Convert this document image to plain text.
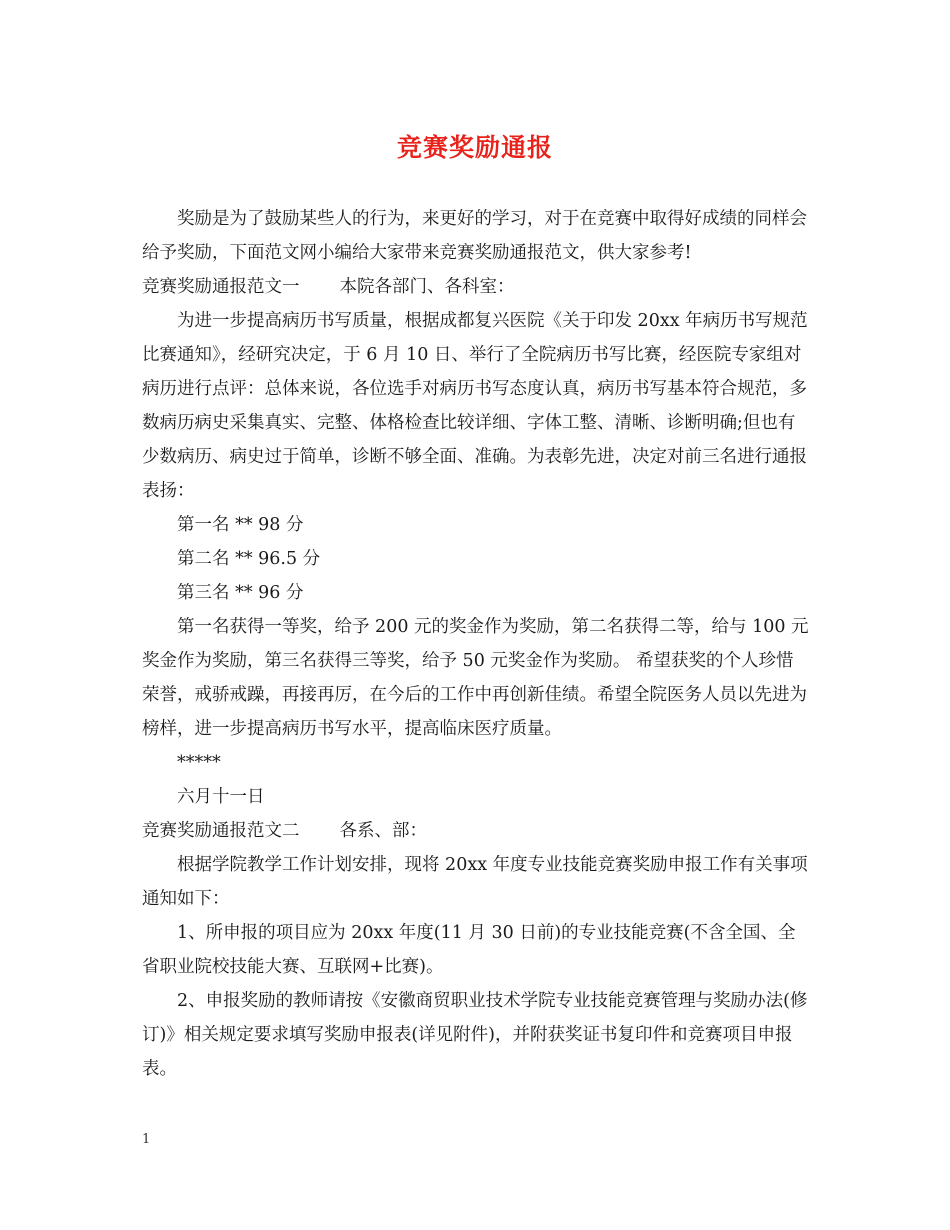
竞赛奖励通报

奖励是为了鼓励某些人的行为，来更好的学习，对于在竞赛中取得好成绩的同样会给予奖励，下面范文网小编给大家带来竞赛奖励通报范文，供大家参考!

竞赛奖励通报范文一 本院各部门、各科室：

为进一步提高病历书写质量，根据成都复兴医院《关于印发 20xx 年病历书写规范比赛通知》，经研究决定，于 6 月 10 日、举行了全院病历书写比赛，经医院专家组对病历进行点评：总体来说，各位选手对病历书写态度认真，病历书写基本符合规范，多数病历病史采集真实、完整、体格检查比较详细、字体工整、清晰、诊断明确;但也有少数病历、病史过于简单，诊断不够全面、准确。为表彰先进，决定对前三名进行通报表扬：

第一名 ** 98 分

第二名 ** 96.5 分

第三名 ** 96 分

第一名获得一等奖，给予 200 元的奖金作为奖励，第二名获得二等，给与 100 元奖金作为奖励，第三名获得三等奖，给予 50 元奖金作为奖励。 希望获奖的个人珍惜荣誉，戒骄戒躁，再接再厉，在今后的工作中再创新佳绩。希望全院医务人员以先进为榜样，进一步提高病历书写水平，提高临床医疗质量。

*****

六月十一日

竞赛奖励通报范文二 各系、部：

根据学院教学工作计划安排，现将 20xx 年度专业技能竞赛奖励申报工作有关事项通知如下：

1、所申报的项目应为 20xx 年度(11 月 30 日前)的专业技能竞赛(不含全国、全省职业院校技能大赛、互联网+比赛)。

2、申报奖励的教师请按《安徽商贸职业技术学院专业技能竞赛管理与奖励办法(修订)》相关规定要求填写奖励申报表(详见附件)，并附获奖证书复印件和竞赛项目申报表。

1
